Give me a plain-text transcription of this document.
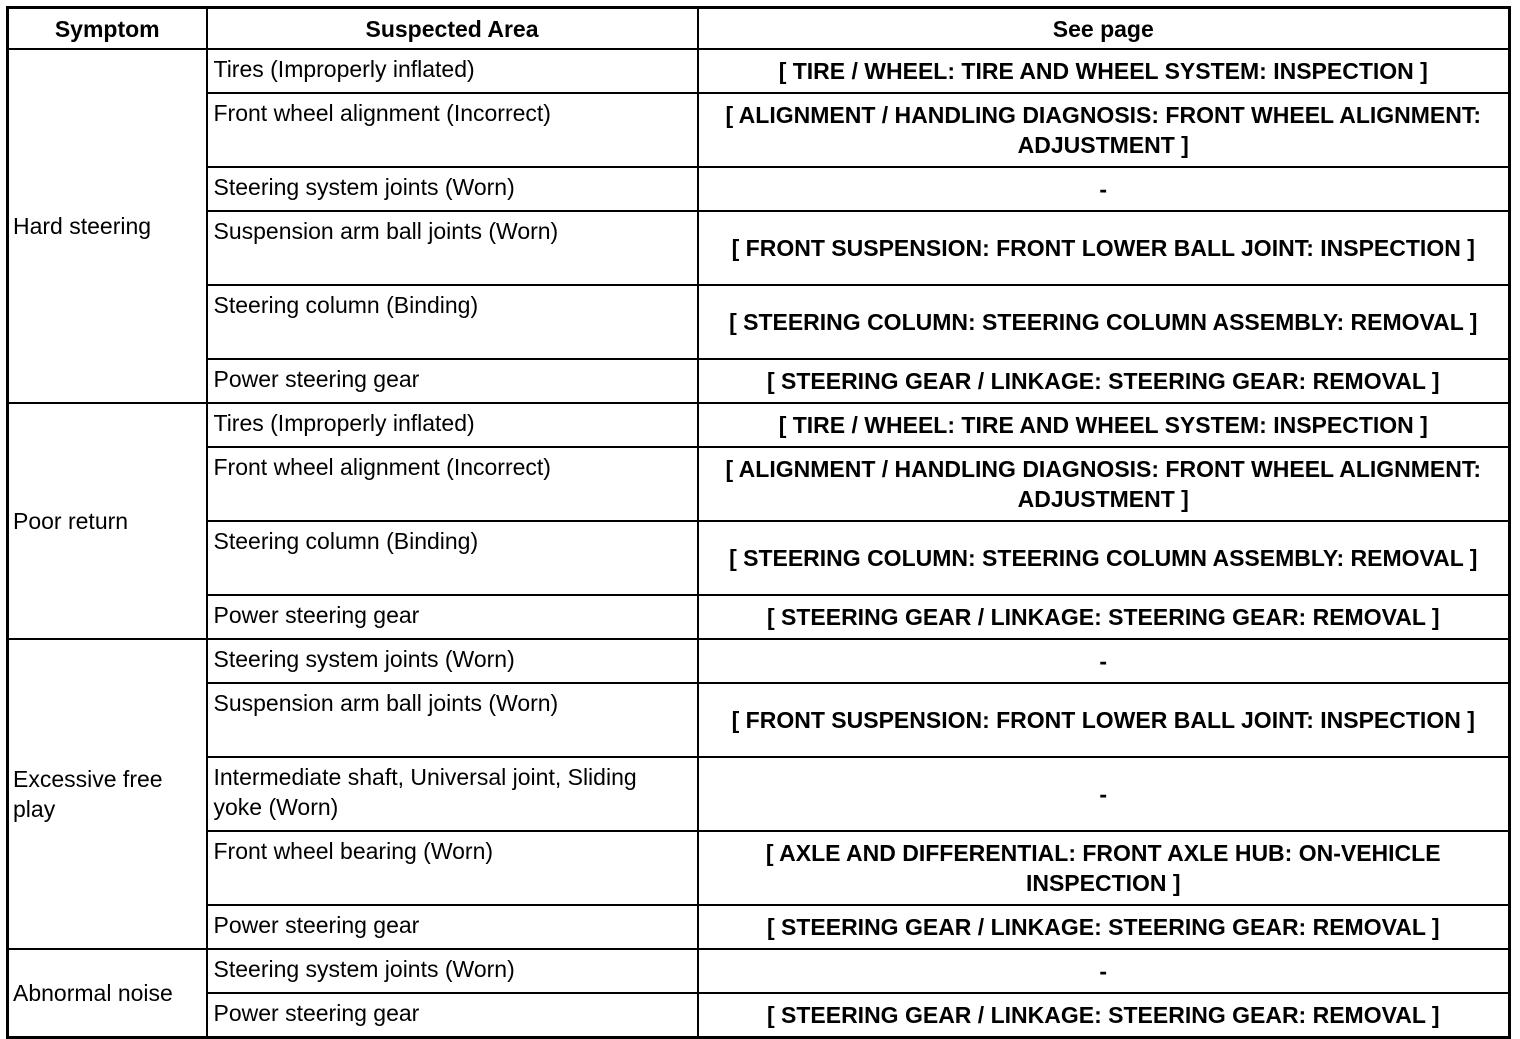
Symptom	Suspected Area	See page
Hard steering	Tires (Improperly inflated)	[ TIRE / WHEEL: TIRE AND WHEEL SYSTEM: INSPECTION ]
	Front wheel alignment (Incorrect)	[ ALIGNMENT / HANDLING DIAGNOSIS: FRONT WHEEL ALIGNMENT: ADJUSTMENT ]
	Steering system joints (Worn)	-
	Suspension arm ball joints (Worn)	[ FRONT SUSPENSION: FRONT LOWER BALL JOINT: INSPECTION ]
	Steering column (Binding)	[ STEERING COLUMN: STEERING COLUMN ASSEMBLY: REMOVAL ]
	Power steering gear	[ STEERING GEAR / LINKAGE: STEERING GEAR: REMOVAL ]
Poor return	Tires (Improperly inflated)	[ TIRE / WHEEL: TIRE AND WHEEL SYSTEM: INSPECTION ]
	Front wheel alignment (Incorrect)	[ ALIGNMENT / HANDLING DIAGNOSIS: FRONT WHEEL ALIGNMENT: ADJUSTMENT ]
	Steering column (Binding)	[ STEERING COLUMN: STEERING COLUMN ASSEMBLY: REMOVAL ]
	Power steering gear	[ STEERING GEAR / LINKAGE: STEERING GEAR: REMOVAL ]
Excessive free play	Steering system joints (Worn)	-
	Suspension arm ball joints (Worn)	[ FRONT SUSPENSION: FRONT LOWER BALL JOINT: INSPECTION ]
	Intermediate shaft, Universal joint, Sliding yoke (Worn)	-
	Front wheel bearing (Worn)	[ AXLE AND DIFFERENTIAL: FRONT AXLE HUB: ON-VEHICLE INSPECTION ]
	Power steering gear	[ STEERING GEAR / LINKAGE: STEERING GEAR: REMOVAL ]
Abnormal noise	Steering system joints (Worn)	-
	Power steering gear	[ STEERING GEAR / LINKAGE: STEERING GEAR: REMOVAL ]
